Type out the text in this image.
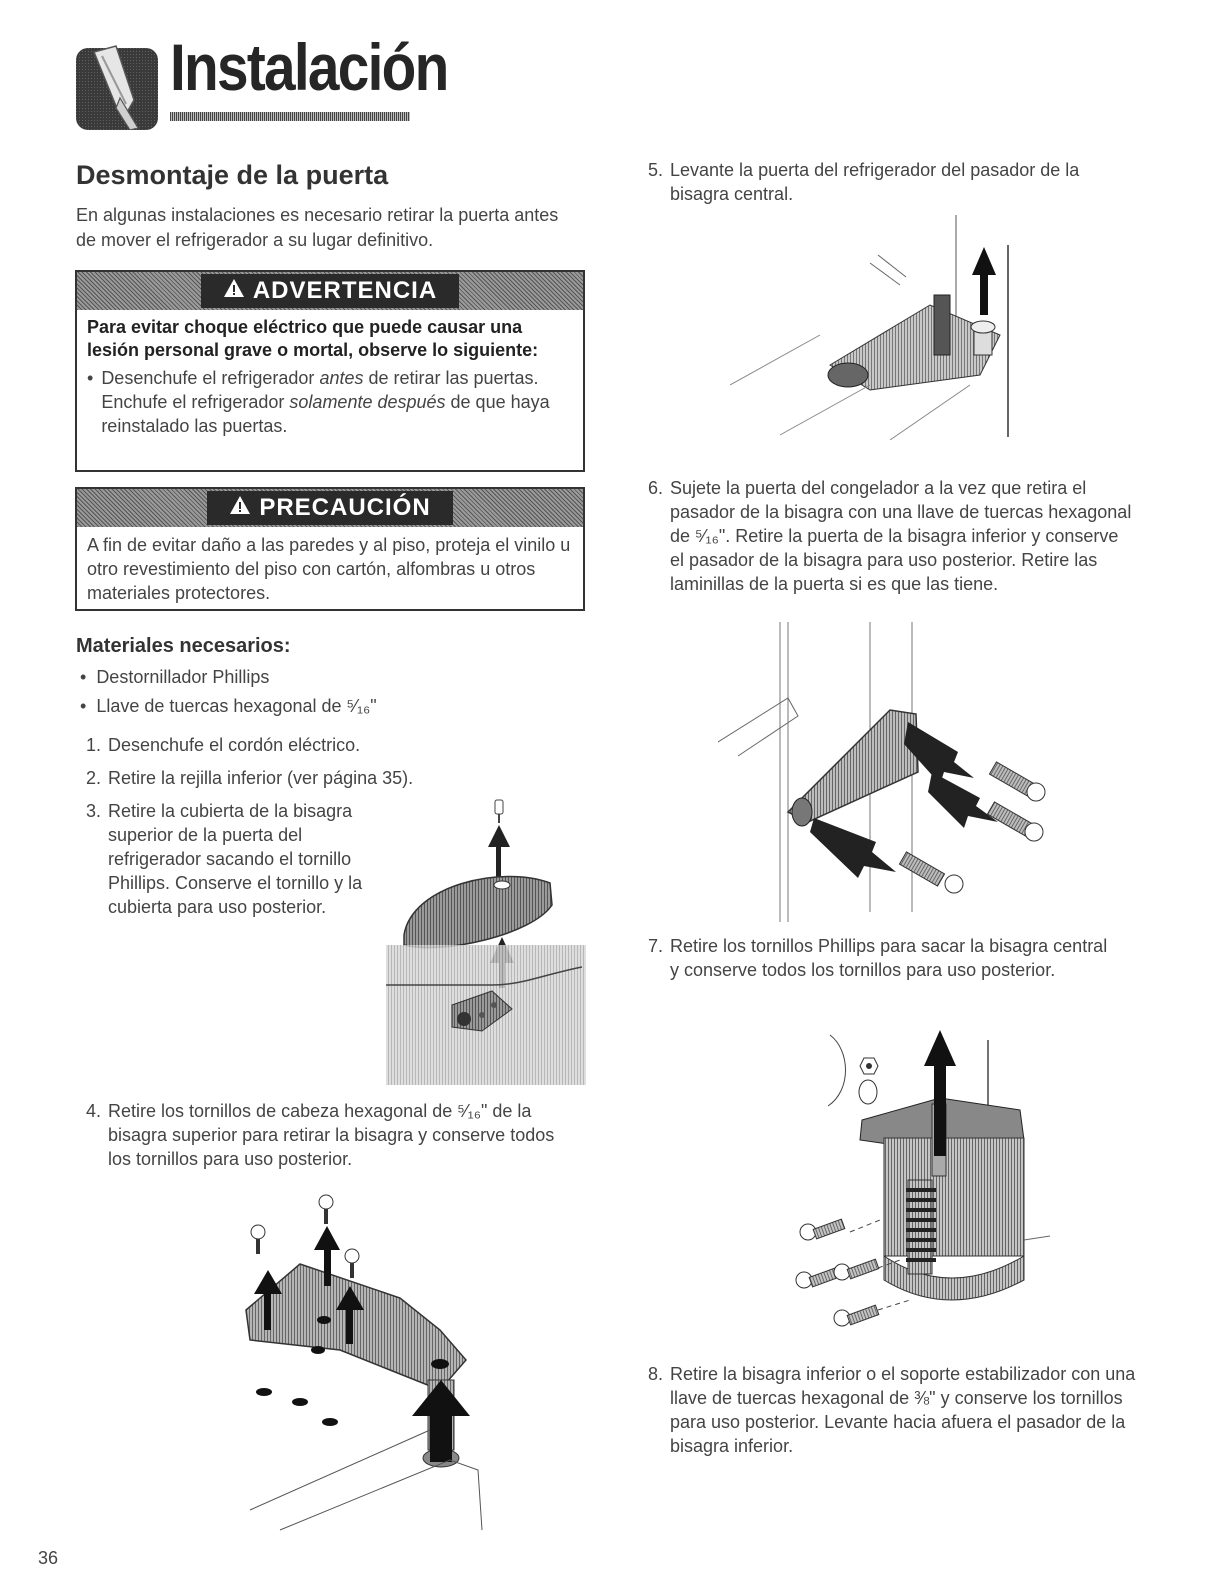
Instalación
Desmontaje de la puerta
En algunas instalaciones es necesario retirar la puerta antes de mover el refrigerador a su lugar definitivo.
ADVERTENCIA
Para evitar choque eléctrico que puede causar una lesión personal grave o mortal, observe lo siguiente:
• Desenchufe el refrigerador antes de retirar las puertas. Enchufe el refrigerador solamente después de que haya reinstalado las puertas.
PRECAUCIÓN
A fin de evitar daño a las paredes y al piso, proteja el vinilo u otro revestimiento del piso con cartón, alfombras u otros materiales protectores.
Materiales necesarios:
• Destornillador Phillips
• Llave de tuercas hexagonal de ⁵⁄₁₆"
1. Desenchufe el cordón eléctrico.
2. Retire la rejilla inferior (ver página 35).
3. Retire la cubierta de la bisagra superior de la puerta del refrigerador sacando el tornillo Phillips. Conserve el tornillo y la cubierta para uso posterior.
4. Retire los tornillos de cabeza hexagonal de ⁵⁄₁₆" de la bisagra superior para retirar la bisagra y conserve todos los tornillos para uso posterior.
5. Levante la puerta del refrigerador del pasador de la bisagra central.
6. Sujete la puerta del congelador a la vez que retira el pasador de la bisagra con una llave de tuercas hexagonal de ⁵⁄₁₆". Retire la puerta de la bisagra inferior y conserve el pasador de la bisagra para uso posterior. Retire las laminillas de la puerta si es que las tiene.
7. Retire los tornillos Phillips para sacar la bisagra central y conserve todos los tornillos para uso posterior.
8. Retire la bisagra inferior o el soporte estabilizador con una llave de tuercas hexagonal de ⅜" y conserve los tornillos para uso posterior. Levante hacia afuera el pasador de la bisagra inferior.
36
